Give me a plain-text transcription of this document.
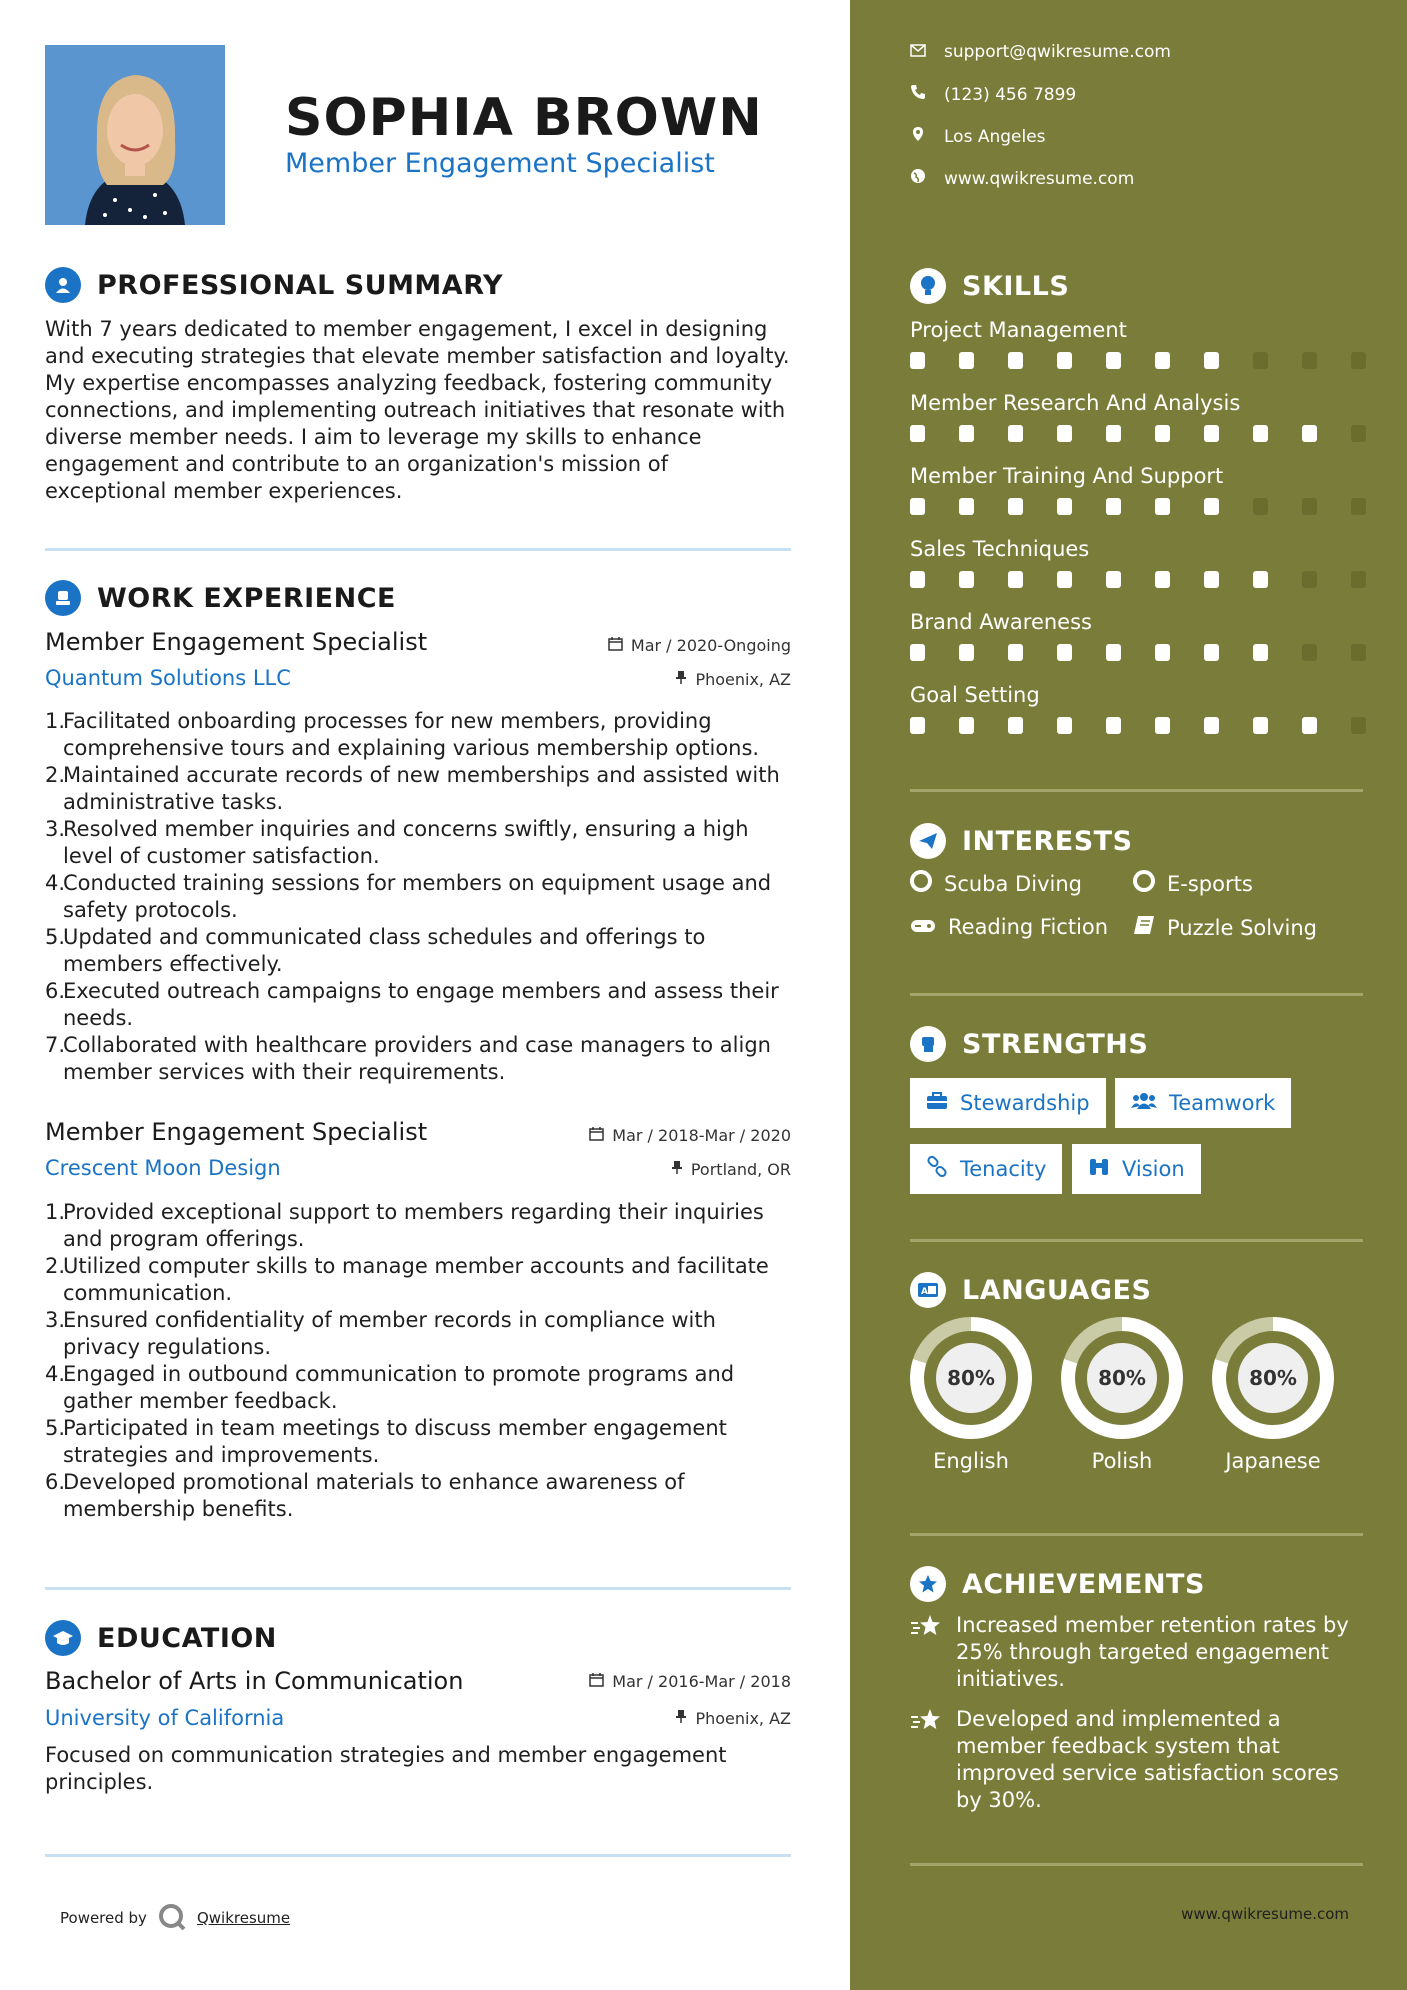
SOPHIA BROWN
Member Engagement Specialist
PROFESSIONAL SUMMARY
With 7 years dedicated to member engagement, I excel in designing
and executing strategies that elevate member satisfaction and loyalty.
My expertise encompasses analyzing feedback, fostering community
connections, and implementing outreach initiatives that resonate with
diverse member needs. I aim to leverage my skills to enhance
engagement and contribute to an organization's mission of
exceptional member experiences.
WORK EXPERIENCE
Member Engagement Specialist	Mar / 2020-Ongoing
Quantum Solutions LLC	Phoenix, AZ
1.
Facilitated onboarding processes for new members, providing
comprehensive tours and explaining various membership options.
2.
Maintained accurate records of new memberships and assisted with
administrative tasks.
3.
Resolved member inquiries and concerns swiftly, ensuring a high
level of customer satisfaction.
4.
Conducted training sessions for members on equipment usage and
safety protocols.
5.
Updated and communicated class schedules and offerings to
members effectively.
6.
Executed outreach campaigns to engage members and assess their
needs.
7.
Collaborated with healthcare providers and case managers to align
member services with their requirements.
Member Engagement Specialist	Mar / 2018-Mar / 2020
Crescent Moon Design	Portland, OR
1.
Provided exceptional support to members regarding their inquiries
and program offerings.
2.
Utilized computer skills to manage member accounts and facilitate
communication.
3.
Ensured confidentiality of member records in compliance with
privacy regulations.
4.
Engaged in outbound communication to promote programs and
gather member feedback.
5.
Participated in team meetings to discuss member engagement
strategies and improvements.
6.
Developed promotional materials to enhance awareness of
membership benefits.
EDUCATION
Bachelor of Arts in Communication	Mar / 2016-Mar / 2018
University of California	Phoenix, AZ
Focused on communication strategies and member engagement
principles.
Powered by	Qwikresume
support@qwikresume.com
(123) 456 7899
Los Angeles
www.qwikresume.com
SKILLS
Project Management
Member Research And Analysis
Member Training And Support
Sales Techniques
Brand Awareness
Goal Setting
INTERESTS
Scuba Diving	E-sports
Reading Fiction	Puzzle Solving
STRENGTHS
Stewardship	Teamwork
Tenacity	Vision
A LANGUAGES
80%
English
80%
Polish
80%
Japanese
ACHIEVEMENTS
Increased member retention rates by
25% through targeted engagement
initiatives.
Developed and implemented a
member feedback system that
improved service satisfaction scores
by 30%.
www.qwikresume.com
